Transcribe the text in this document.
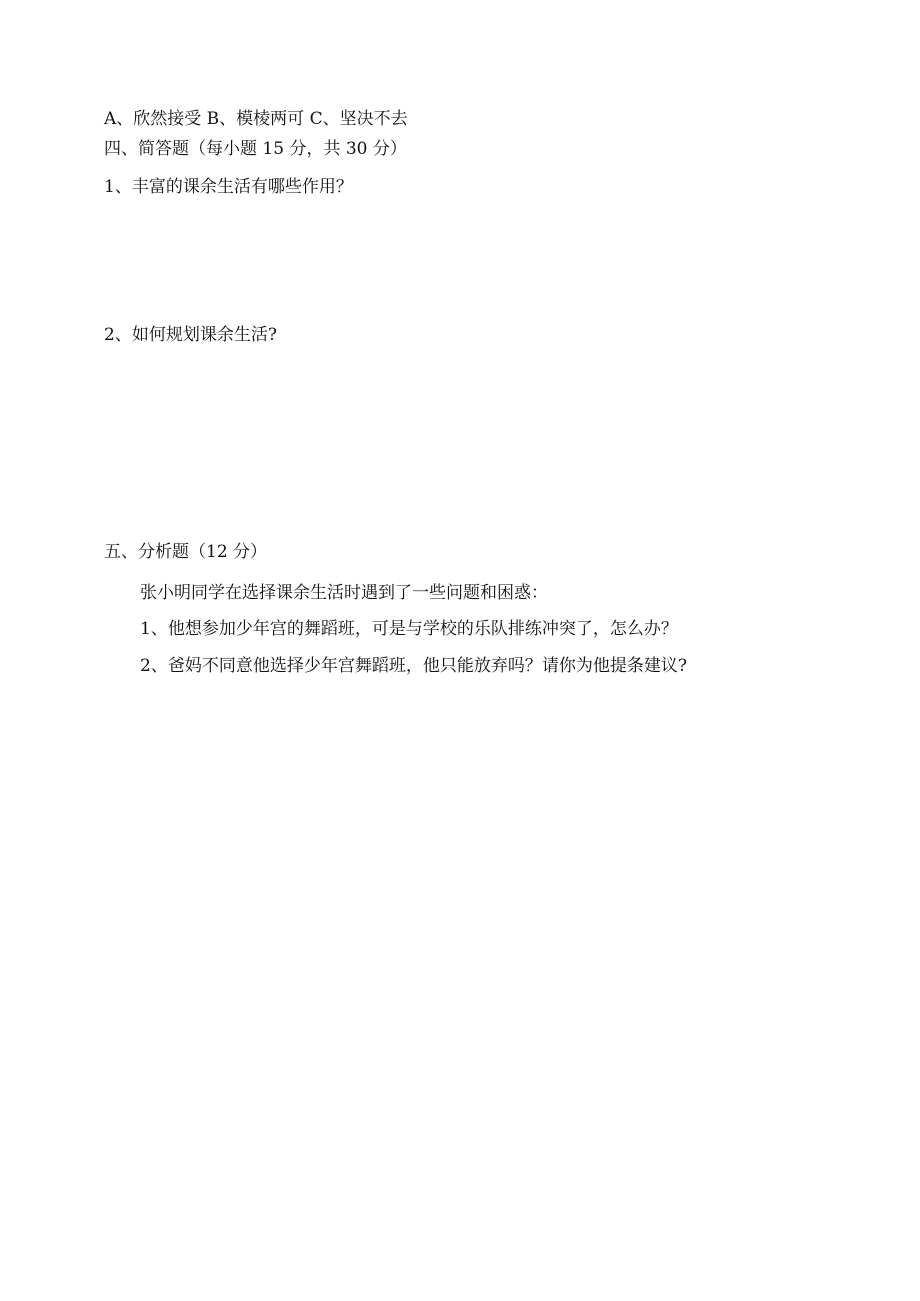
A、欣然接受 B、模棱两可 C、坚决不去
四、简答题（每小题 15 分，共 30 分）
1、丰富的课余生活有哪些作用？
2、如何规划课余生活?
五、分析题（12 分）
张小明同学在选择课余生活时遇到了一些问题和困惑：
1、他想参加少年宫的舞蹈班，可是与学校的乐队排练冲突了，怎么办？
2、爸妈不同意他选择少年宫舞蹈班，他只能放弃吗？请你为他提条建议?
